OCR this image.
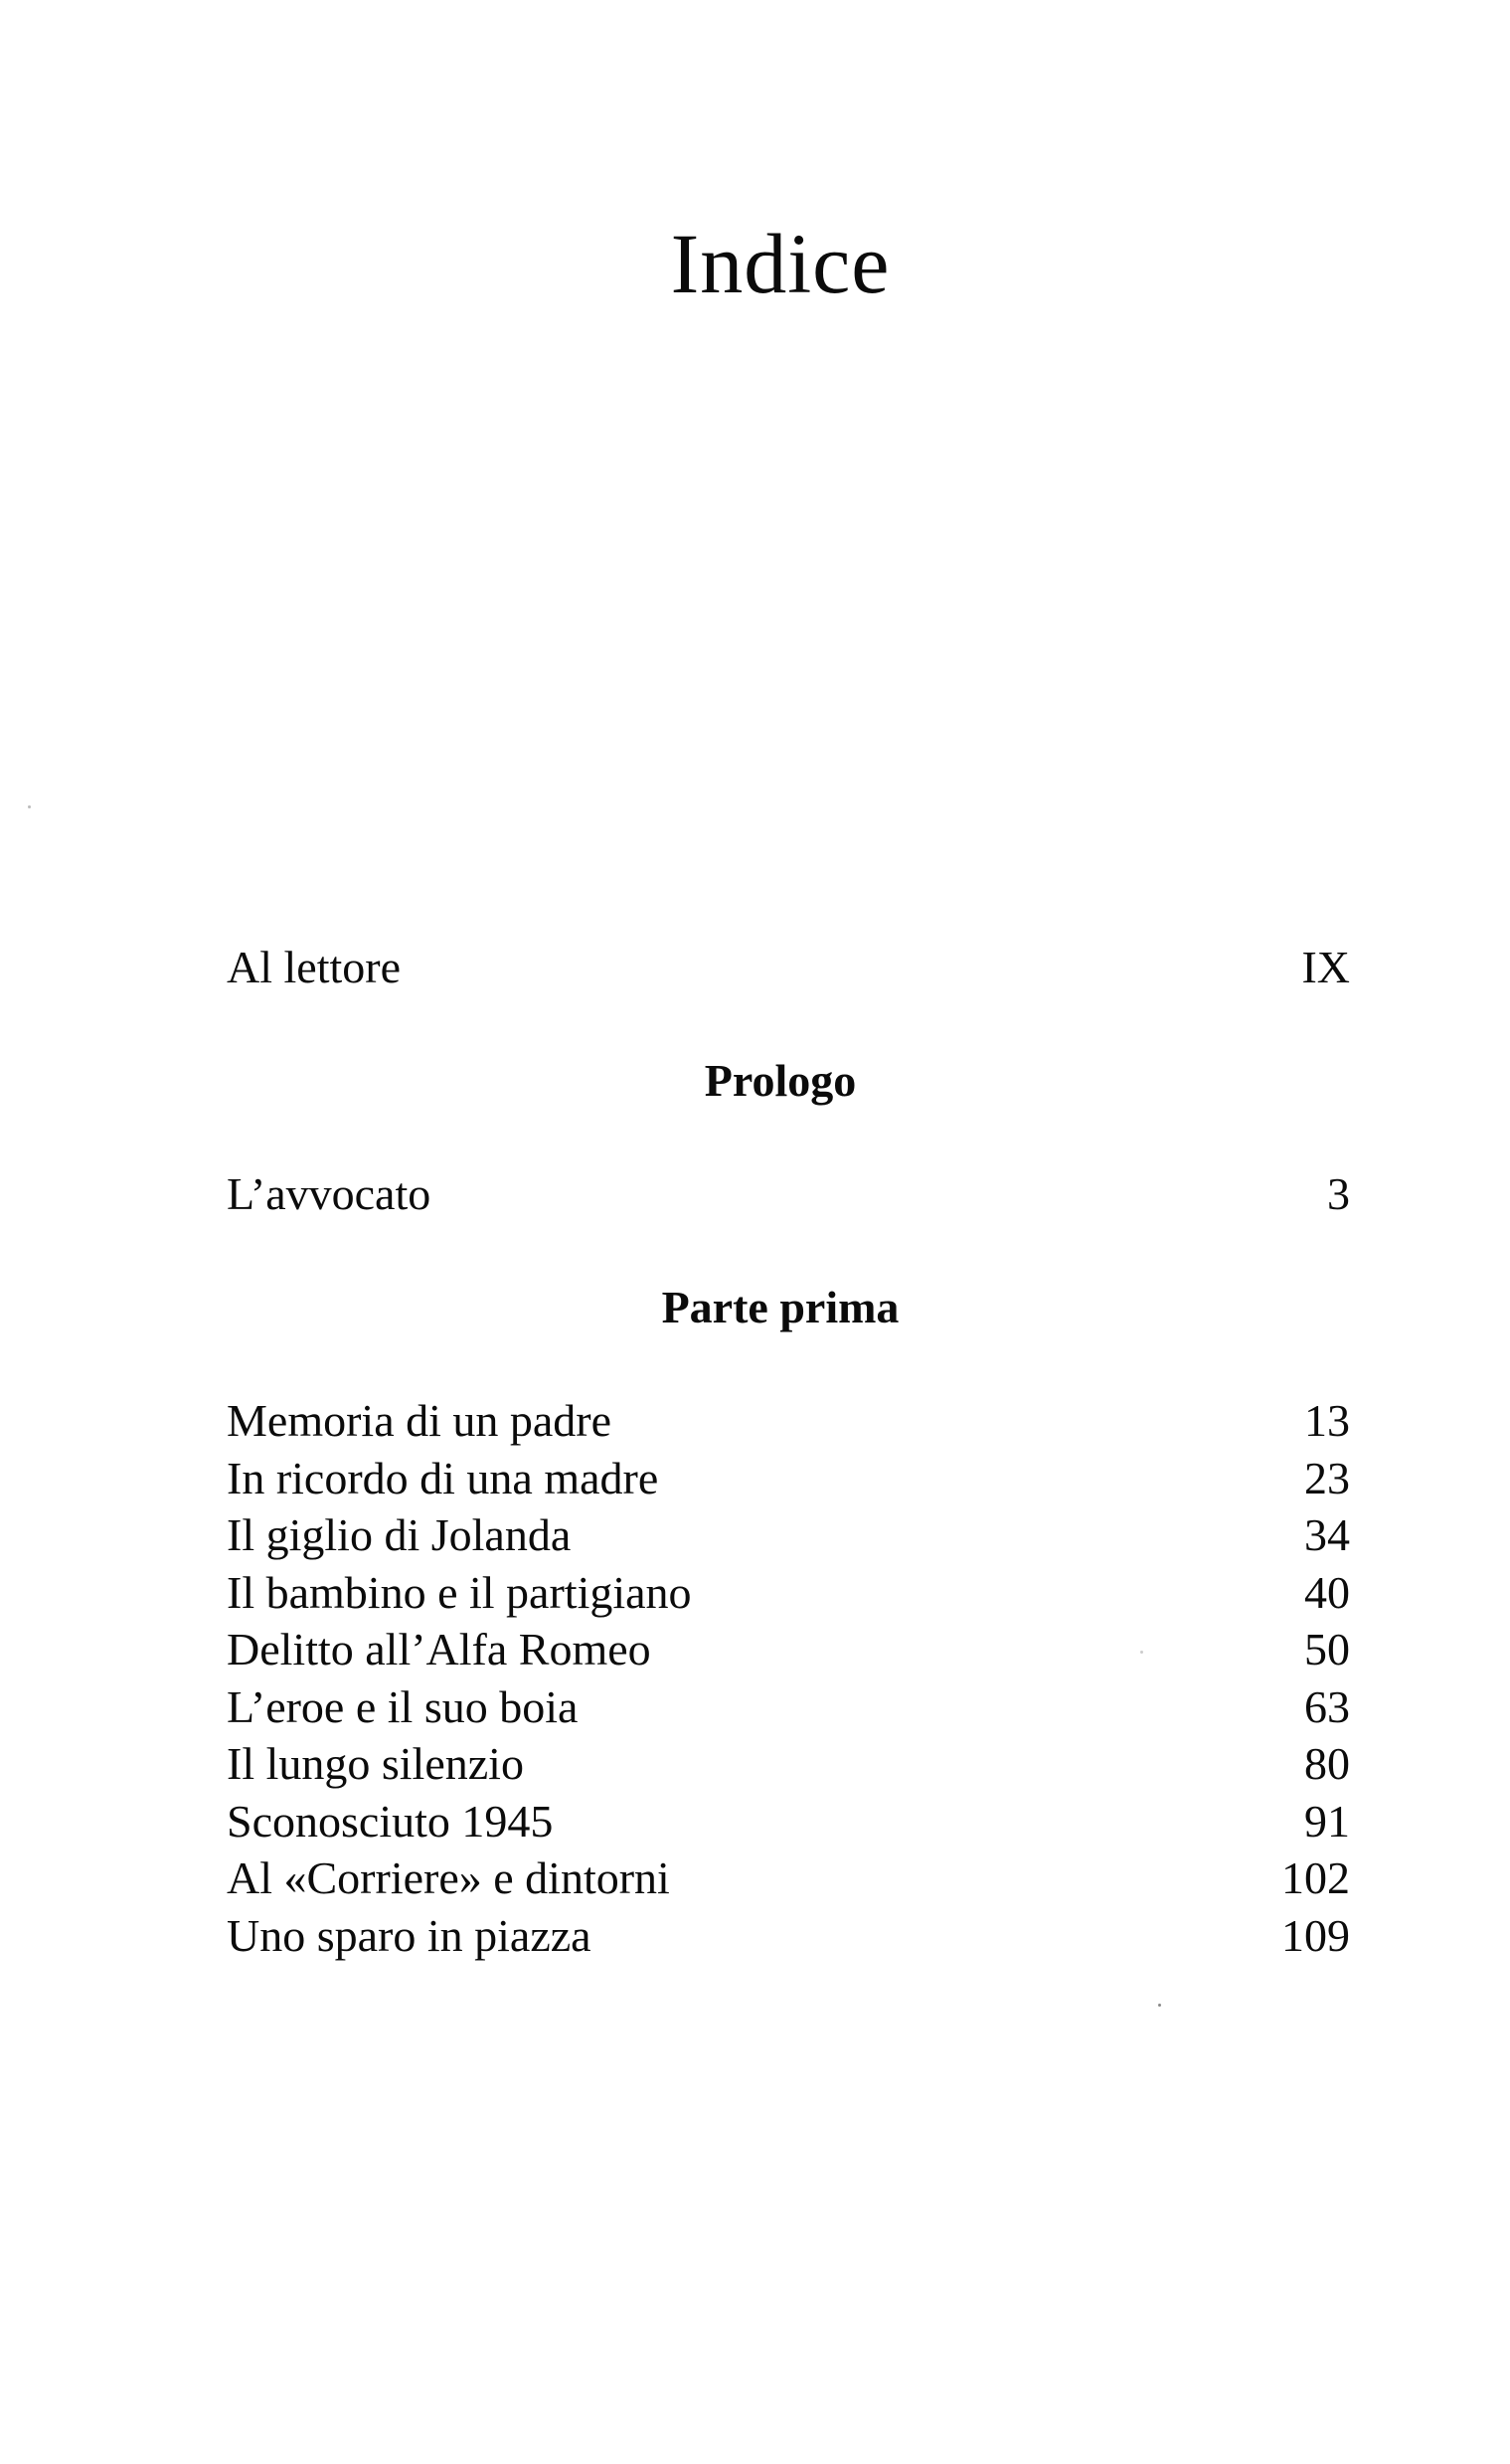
Indice
Al lettore	IX
Prologo
L’avvocato	3
Parte prima
Memoria di un padre	13
In ricordo di una madre	23
Il giglio di Jolanda	34
Il bambino e il partigiano	40
Delitto all’Alfa Romeo	50
L’eroe e il suo boia	63
Il lungo silenzio	80
Sconosciuto 1945	91
Al «Corriere» e dintorni	102
Uno sparo in piazza	109
